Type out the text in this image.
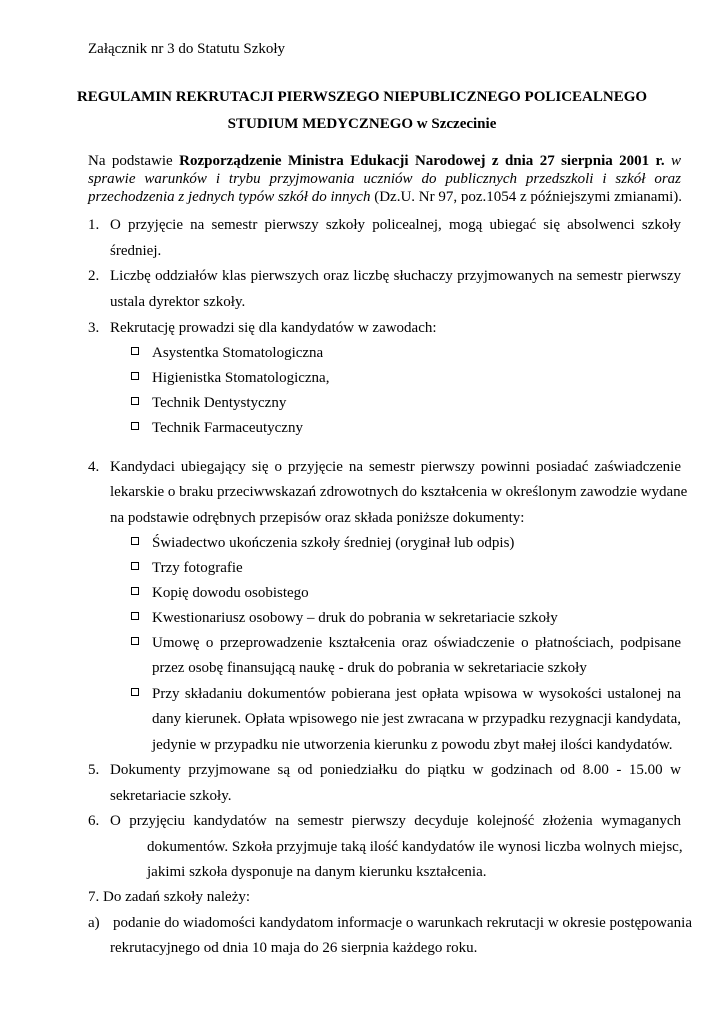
Załącznik nr 3 do Statutu Szkoły
REGULAMIN REKRUTACJI PIERWSZEGO NIEPUBLICZNEGO POLICEALNEGO
STUDIUM MEDYCZNEGO w Szczecinie
Na podstawie Rozporządzenie Ministra Edukacji Narodowej z dnia 27 sierpnia 2001 r. w
sprawie warunków i trybu przyjmowania uczniów do publicznych przedszkoli i szkół oraz
przechodzenia z jednych typów szkół do innych (Dz.U. Nr 97, poz.1054 z późniejszymi zmianami).
1. O przyjęcie na semestr pierwszy szkoły policealnej, mogą ubiegać się absolwenci szkoły
średniej.
2. Liczbę oddziałów klas pierwszych oraz liczbę słuchaczy przyjmowanych na semestr pierwszy
ustala dyrektor szkoły.
3. Rekrutację prowadzi się dla kandydatów w zawodach:
Asystentka Stomatologiczna
Higienistka Stomatologiczna,
Technik Dentystyczny
Technik Farmaceutyczny
4. Kandydaci ubiegający się o przyjęcie na semestr pierwszy powinni posiadać zaświadczenie
lekarskie o braku przeciwwskazań zdrowotnych do kształcenia w określonym zawodzie wydane
na podstawie odrębnych przepisów oraz składa poniższe dokumenty:
Świadectwo ukończenia szkoły średniej (oryginał lub odpis)
Trzy fotografie
Kopię dowodu osobistego
Kwestionariusz osobowy – druk do pobrania w sekretariacie szkoły
Umowę o przeprowadzenie kształcenia oraz oświadczenie o płatnościach, podpisane
przez osobę finansującą naukę - druk do pobrania w sekretariacie szkoły
Przy składaniu dokumentów pobierana jest opłata wpisowa w wysokości ustalonej na
dany kierunek. Opłata wpisowego nie jest zwracana w przypadku rezygnacji kandydata,
jedynie w przypadku nie utworzenia kierunku z powodu zbyt małej ilości kandydatów.
5. Dokumenty przyjmowane są od poniedziałku do piątku w godzinach od 8.00 - 15.00 w
sekretariacie szkoły.
6. O przyjęciu kandydatów na semestr pierwszy decyduje kolejność złożenia wymaganych
dokumentów. Szkoła przyjmuje taką ilość kandydatów ile wynosi liczba wolnych miejsc,
jakimi szkoła dysponuje na danym kierunku kształcenia.
7. Do zadań szkoły należy:
a) podanie do wiadomości kandydatom informacje o warunkach rekrutacji w okresie postępowania
rekrutacyjnego od dnia 10 maja do 26 sierpnia każdego roku.
